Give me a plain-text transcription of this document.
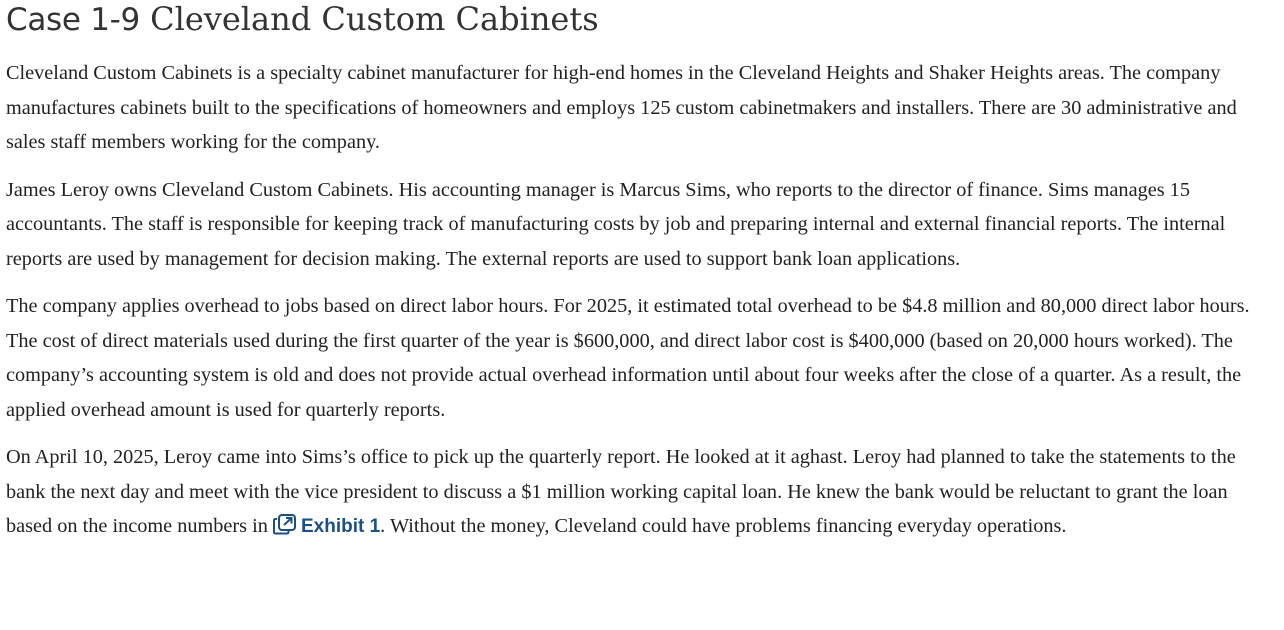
Case 1-9 Cleveland Custom Cabinets

Cleveland Custom Cabinets is a specialty cabinet manufacturer for high-end homes in the Cleveland Heights and Shaker Heights areas. The company manufactures cabinets built to the specifications of homeowners and employs 125 custom cabinetmakers and installers. There are 30 administrative and sales staff members working for the company.

James Leroy owns Cleveland Custom Cabinets. His accounting manager is Marcus Sims, who reports to the director of finance. Sims manages 15 accountants. The staff is responsible for keeping track of manufacturing costs by job and preparing internal and external financial reports. The internal reports are used by management for decision making. The external reports are used to support bank loan applications.

The company applies overhead to jobs based on direct labor hours. For 2025, it estimated total overhead to be $4.8 million and 80,000 direct labor hours. The cost of direct materials used during the first quarter of the year is $600,000, and direct labor cost is $400,000 (based on 20,000 hours worked). The company’s accounting system is old and does not provide actual overhead information until about four weeks after the close of a quarter. As a result, the applied overhead amount is used for quarterly reports.

On April 10, 2025, Leroy came into Sims’s office to pick up the quarterly report. He looked at it aghast. Leroy had planned to take the statements to the bank the next day and meet with the vice president to discuss a $1 million working capital loan. He knew the bank would be reluctant to grant the loan based on the income numbers in Exhibit 1. Without the money, Cleveland could have problems financing everyday operations.
